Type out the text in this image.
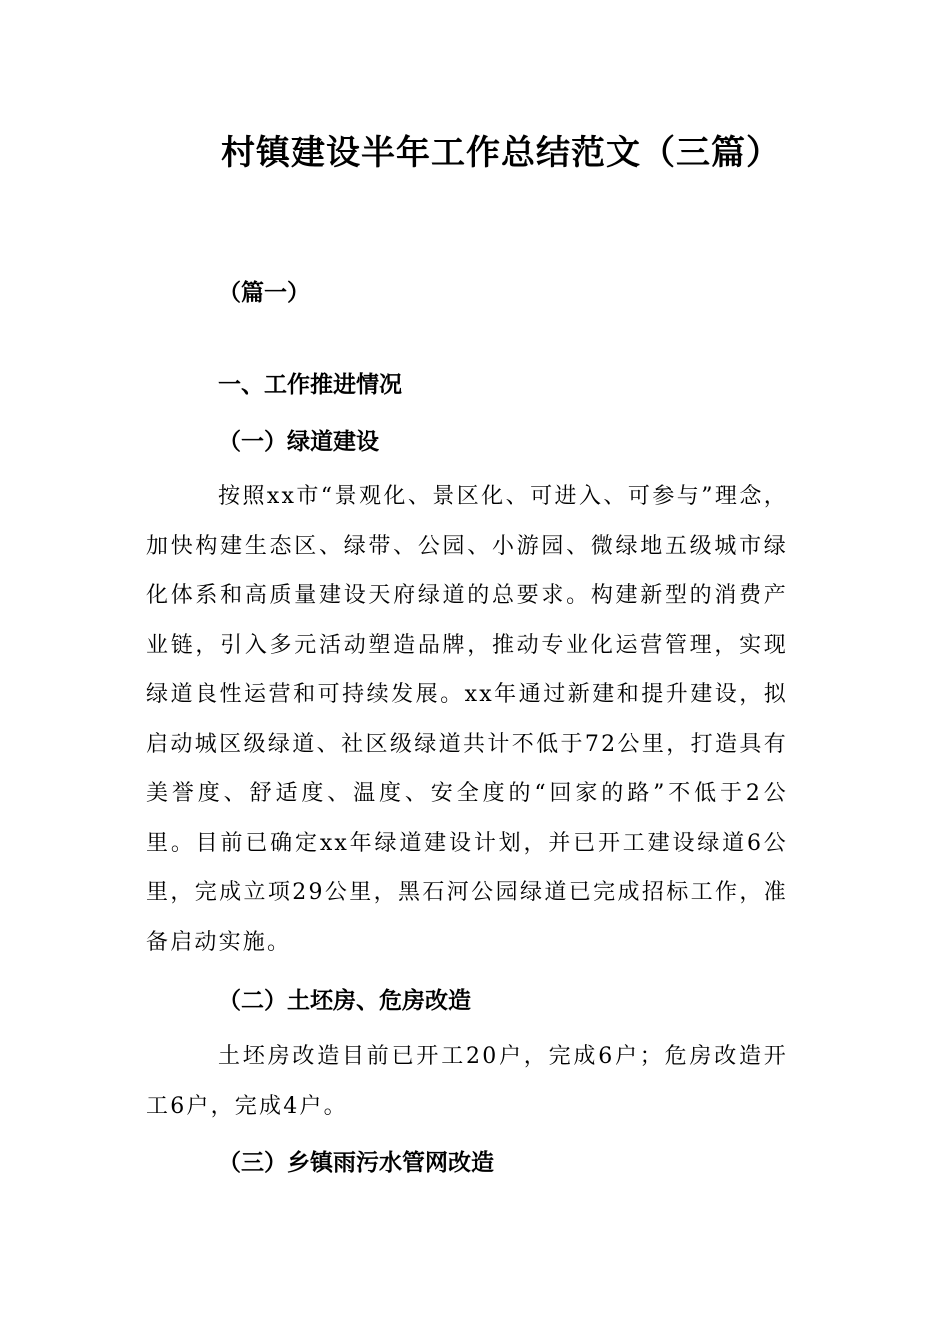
村镇建设半年工作总结范文（三篇）
（篇一）
一、工作推进情况
（一）绿道建设

按照xx市“景观化、景区化、可进入、可参与”理念，加快构建生态区、绿带、公园、小游园、微绿地五级城市绿化体系和高质量建设天府绿道的总要求。构建新型的消费产业链，引入多元活动塑造品牌，推动专业化运营管理，实现绿道良性运营和可持续发展。xx年通过新建和提升建设，拟启动城区级绿道、社区级绿道共计不低于72公里，打造具有美誉度、舒适度、温度、安全度的“回家的路”不低于2公里。目前已确定xx年绿道建设计划，并已开工建设绿道6公里，完成立项29公里，黑石河公园绿道已完成招标工作，准备启动实施。

（二）土坯房、危房改造

土坯房改造目前已开工20户，完成6户；危房改造开工6户，完成4户。

（三）乡镇雨污水管网改造
